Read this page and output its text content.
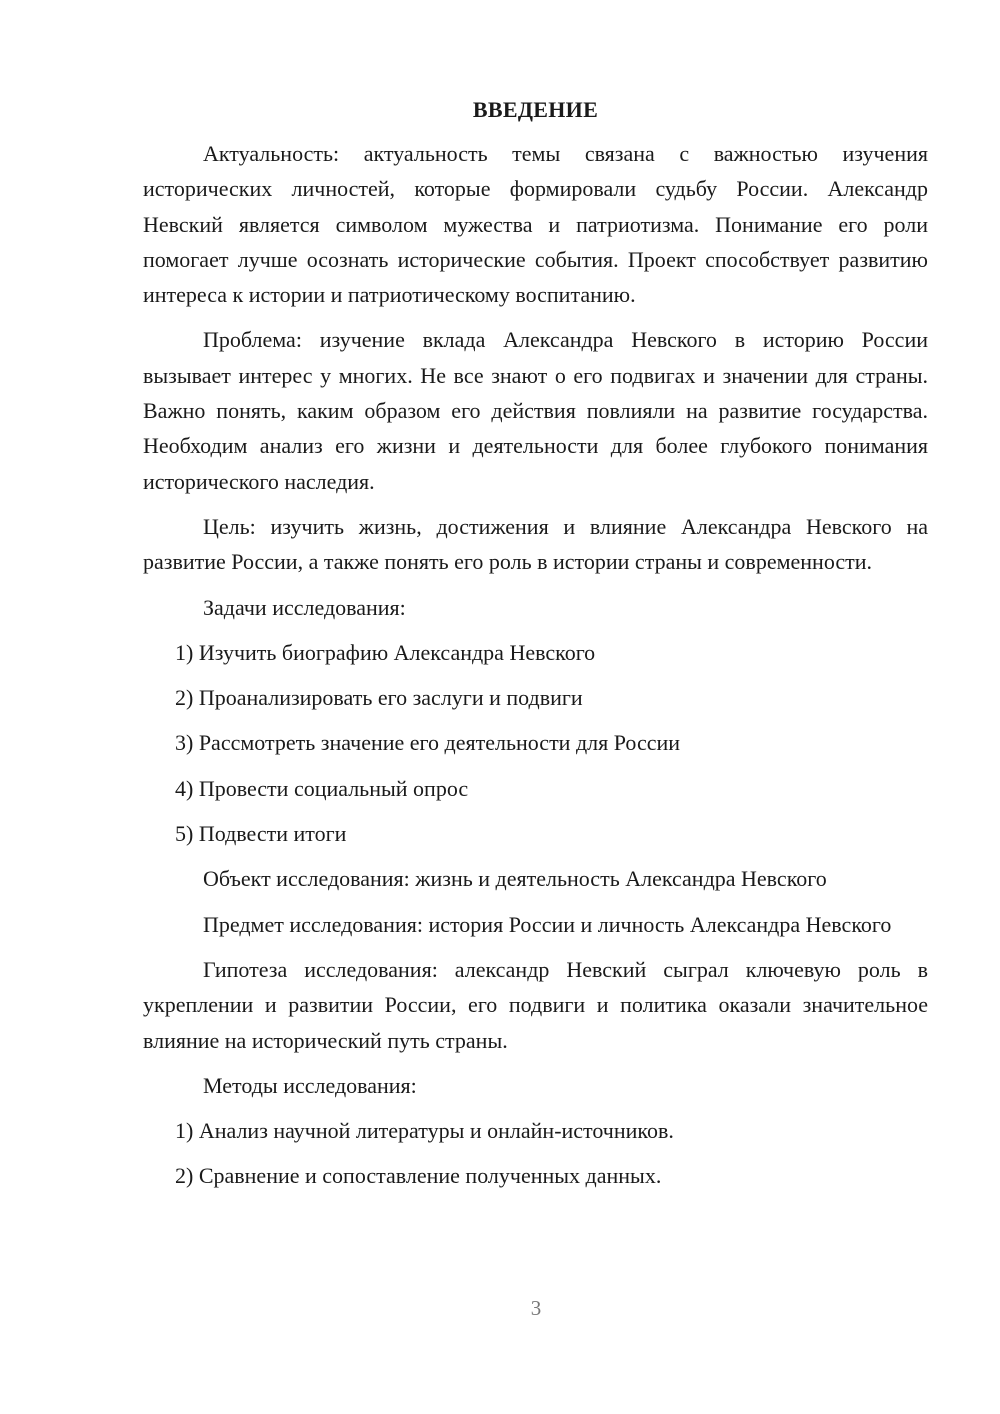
ВВЕДЕНИЕ

Актуальность: актуальность темы связана с важностью изучения исторических личностей, которые формировали судьбу России. Александр Невский является символом мужества и патриотизма. Понимание его роли помогает лучше осознать исторические события. Проект способствует развитию интереса к истории и патриотическому воспитанию.

Проблема: изучение вклада Александра Невского в историю России вызывает интерес у многих. Не все знают о его подвигах и значении для страны. Важно понять, каким образом его действия повлияли на развитие государства. Необходим анализ его жизни и деятельности для более глубокого понимания исторического наследия.

Цель: изучить жизнь, достижения и влияние Александра Невского на развитие России, а также понять его роль в истории страны и современности.

Задачи исследования:

1) Изучить биографию Александра Невского

2) Проанализировать его заслуги и подвиги

3) Рассмотреть значение его деятельности для России

4) Провести социальный опрос

5) Подвести итоги

Объект исследования: жизнь и деятельность Александра Невского

Предмет исследования: история России и личность Александра Невского

Гипотеза исследования: александр Невский сыграл ключевую роль в укреплении и развитии России, его подвиги и политика оказали значительное влияние на исторический путь страны.

Методы исследования:

1) Анализ научной литературы и онлайн-источников.

2) Сравнение и сопоставление полученных данных.

3
